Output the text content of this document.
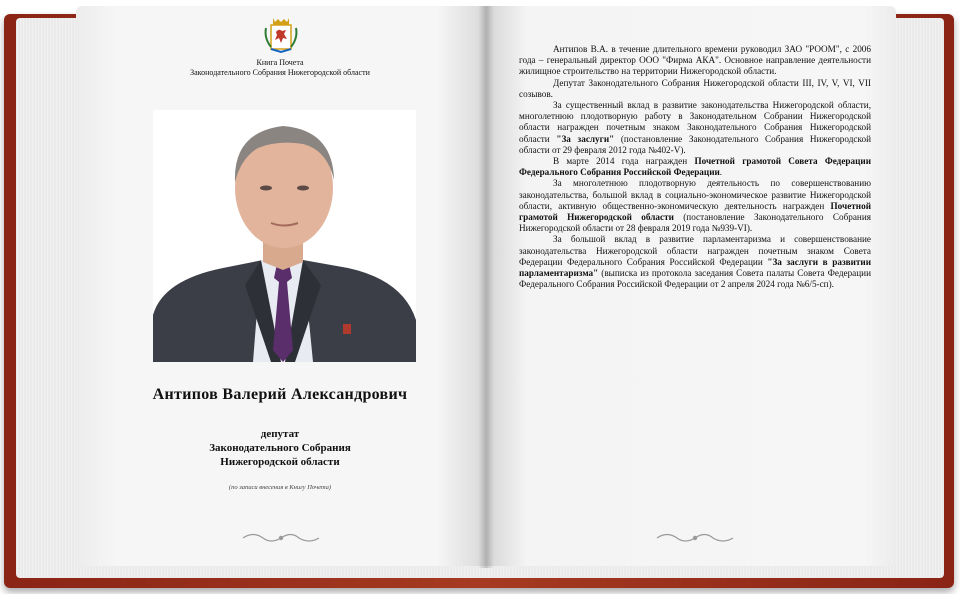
Книга Почета
Законодательного Собрания Нижегородской области
Антипов Валерий Александрович
депутат
Законодательного Собрания
Нижегородской области
(по записи внесения в Книгу Почета)

Антипов В.А. в течение длительного времени руководил ЗАО "РООМ", с 2006 года – генеральный директор ООО "Фирма АКА". Основное направление деятельности жилищное строительство на территории Нижегородской области.

Депутат Законодательного Собрания Нижегородской области III, IV, V, VI, VII созывов.

За существенный вклад в развитие законодательства Нижегородской области, многолетнюю плодотворную работу в Законодательном Собрании Нижегородской области награжден почетным знаком Законодательного Собрания Нижегородской области "За заслуги" (постановление Законодательного Собрания Нижегородской области от 29 февраля 2012 года №402-V).

В марте 2014 года награжден Почетной грамотой Совета Федерации Федерального Собрания Российской Федерации.

За многолетнюю плодотворную деятельность по совершенствованию законодательства, большой вклад в социально-экономическое развитие Нижегородской области, активную общественно-экономическую деятельность награжден Почетной грамотой Нижегородской области (постановление Законодательного Собрания Нижегородской области от 28 февраля 2019 года №939-VI).

За большой вклад в развитие парламентаризма и совершенствование законодательства Нижегородской области награжден почетным знаком Совета Федерации Федерального Собрания Российской Федерации "За заслуги в развитии парламентаризма" (выписка из протокола заседания Совета палаты Совета Федерации Федерального Собрания Российской Федерации от 2 апреля 2024 года №6/5-сп).
